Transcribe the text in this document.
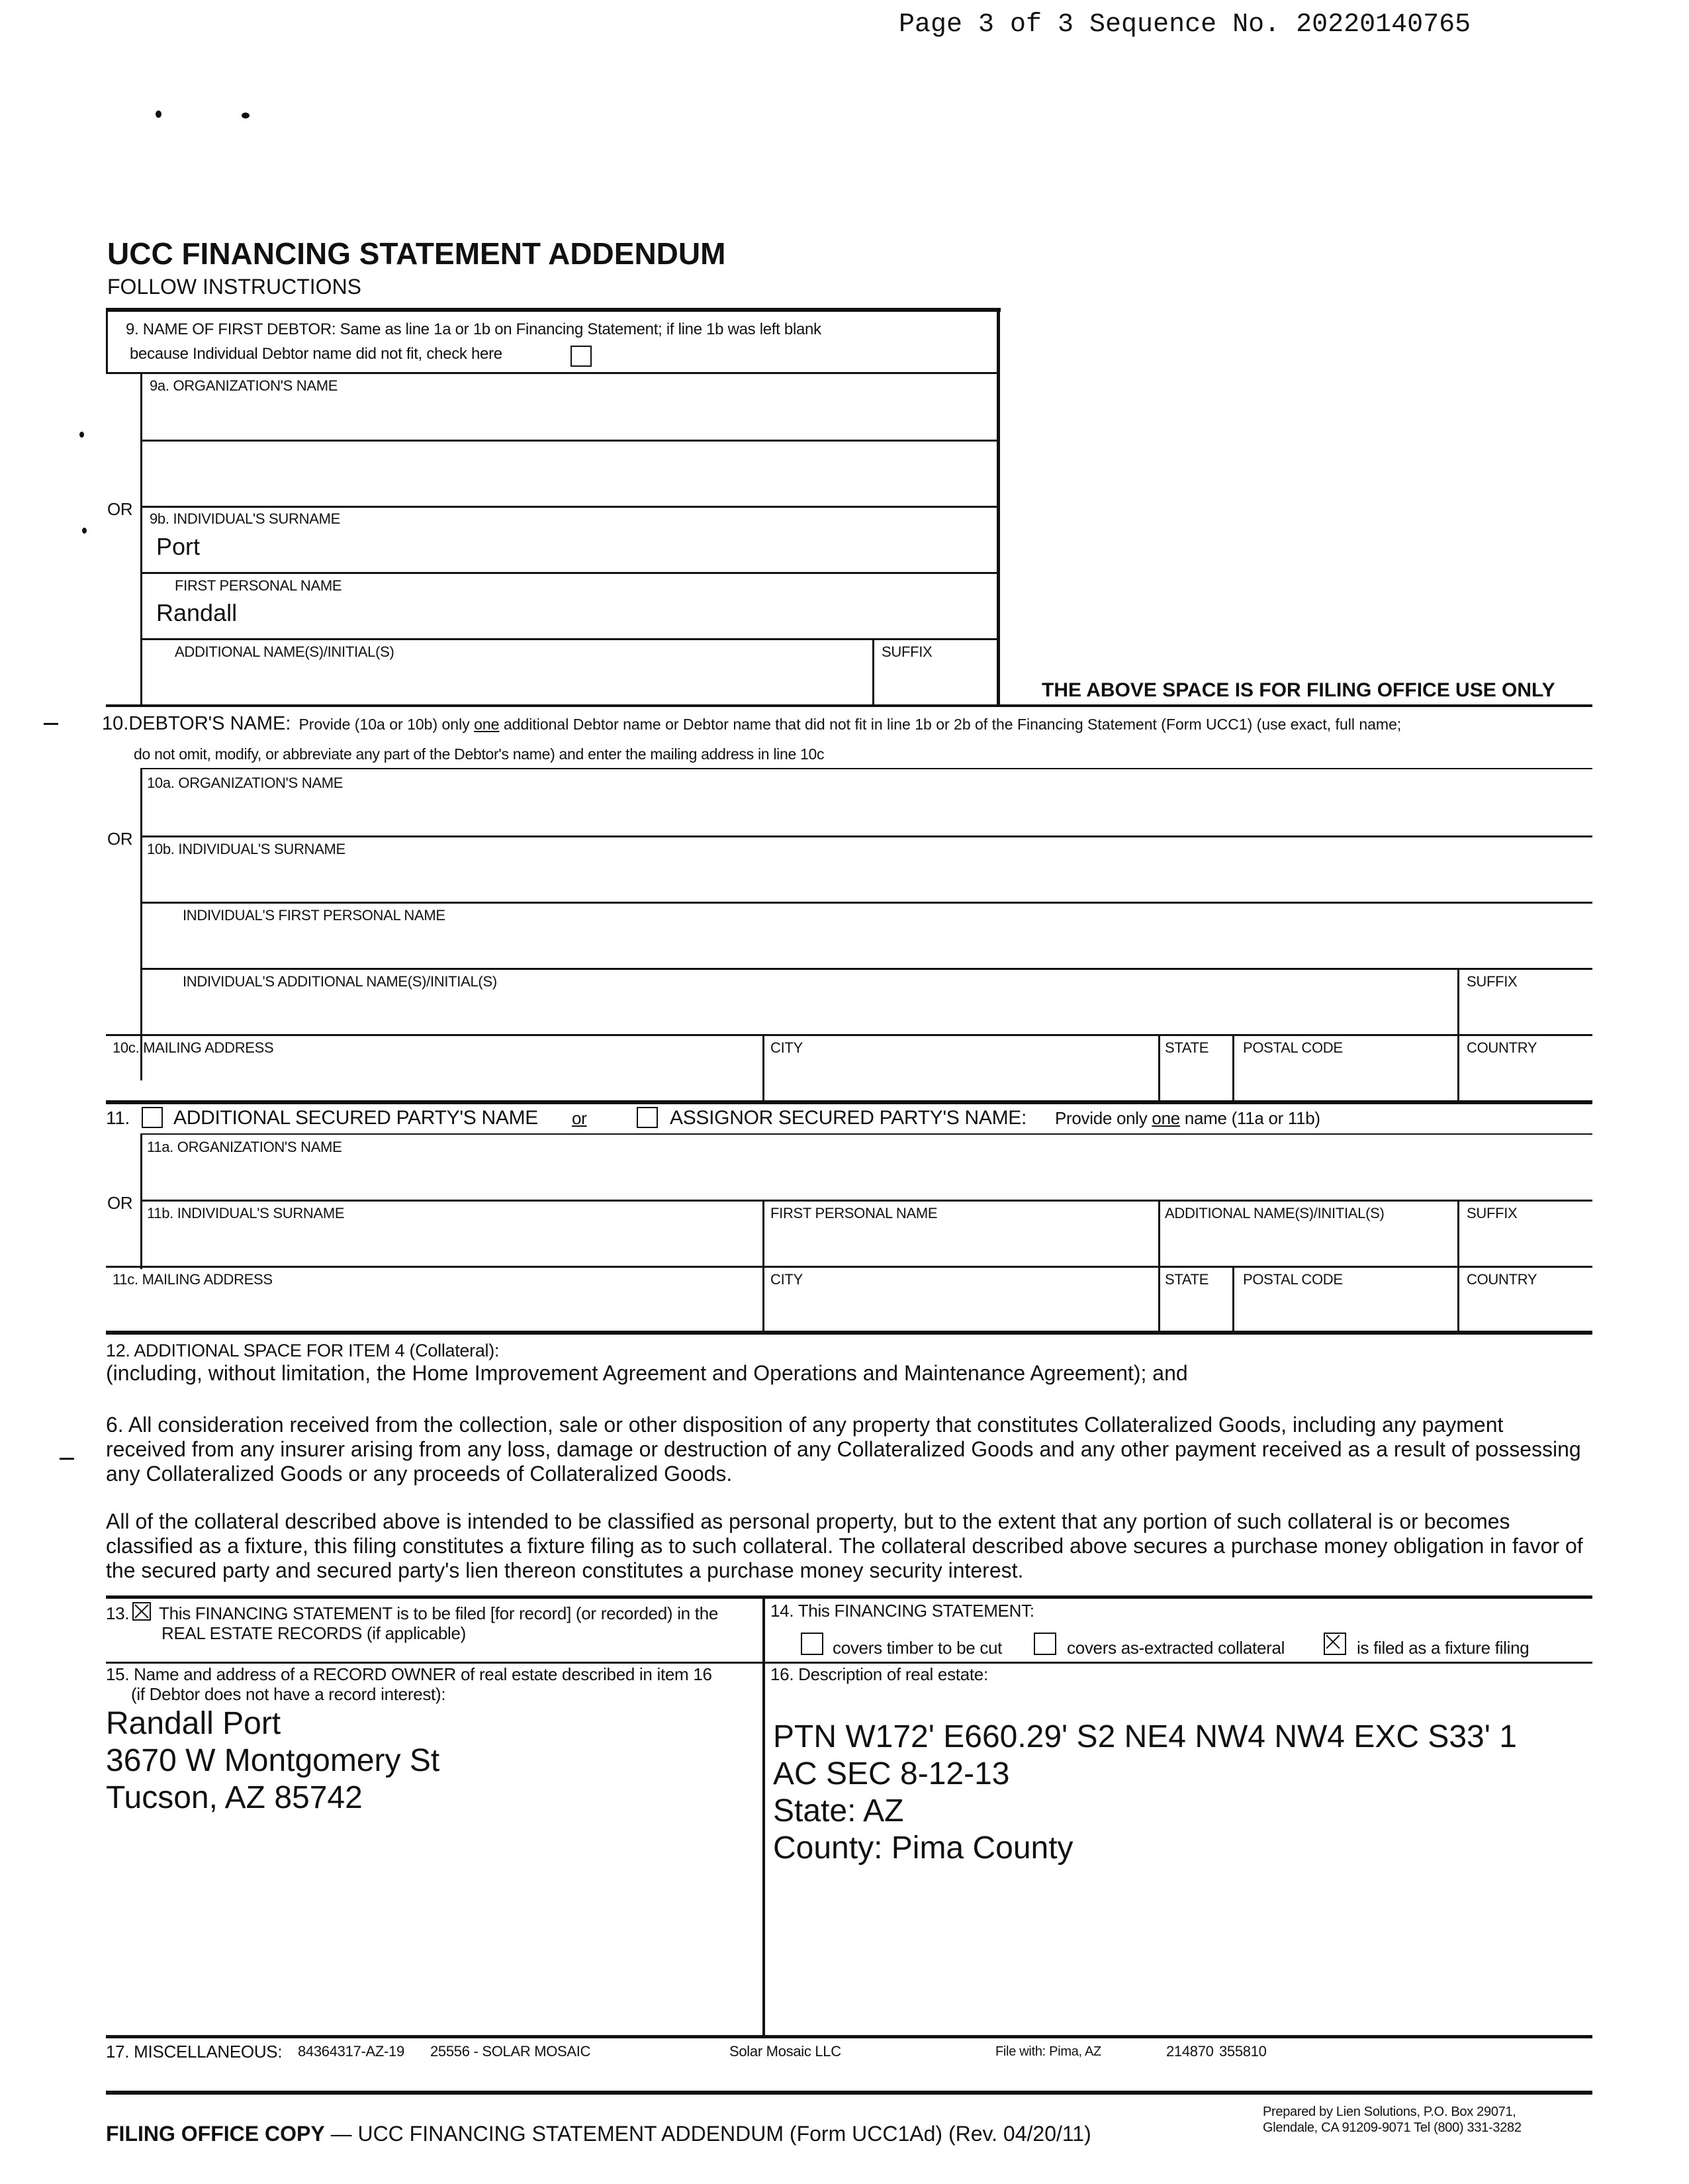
Page 3 of 3 Sequence No. 20220140765
UCC FINANCING STATEMENT ADDENDUM
FOLLOW INSTRUCTIONS
9. NAME OF FIRST DEBTOR: Same as line 1a or 1b on Financing Statement; if line 1b was left blank
because Individual Debtor name did not fit, check here
9a. ORGANIZATION'S NAME
OR 9b. INDIVIDUAL'S SURNAME
Port
FIRST PERSONAL NAME
Randall
ADDITIONAL NAME(S)/INITIAL(S)	SUFFIX
THE ABOVE SPACE IS FOR FILING OFFICE USE ONLY
10.DEBTOR'S NAME: Provide (10a or 10b) only one additional Debtor name or Debtor name that did not fit in line 1b or 2b of the Financing Statement (Form UCC1) (use exact, full name;
do not omit, modify, or abbreviate any part of the Debtor's name) and enter the mailing address in line 10c
10a. ORGANIZATION'S NAME
OR
10b. INDIVIDUAL'S SURNAME
INDIVIDUAL'S FIRST PERSONAL NAME
INDIVIDUAL'S ADDITIONAL NAME(S)/INITIAL(S)	SUFFIX
10c. MAILING ADDRESS	CITY	STATE POSTAL CODE	COUNTRY
11. ADDITIONAL SECURED PARTY'S NAME or	ASSIGNOR SECURED PARTY'S NAME: Provide only one name (11a or 11b)
11a. ORGANIZATION'S NAME
OR
11b. INDIVIDUAL'S SURNAME	FIRST PERSONAL NAME	ADDITIONAL NAME(S)/INITIAL(S)	SUFFIX
11c. MAILING ADDRESS	CITY	STATE POSTAL CODE	COUNTRY
12. ADDITIONAL SPACE FOR ITEM 4 (Collateral):
(including, without limitation, the Home Improvement Agreement and Operations and Maintenance Agreement); and
6. All consideration received from the collection, sale or other disposition of any property that constitutes Collateralized Goods, including any payment received from any insurer arising from any loss, damage or destruction of any Collateralized Goods and any other payment received as a result of possessing any Collateralized Goods or any proceeds of Collateralized Goods.
All of the collateral described above is intended to be classified as personal property, but to the extent that any portion of such collateral is or becomes classified as a fixture, this filing constitutes a fixture filing as to such collateral. The collateral described above secures a purchase money obligation in favor of the secured party and secured party's lien thereon constitutes a purchase money security interest.
13. This FINANCING STATEMENT is to be filed [for record] (or recorded) in the
REAL ESTATE RECORDS (if applicable)
14. This FINANCING STATEMENT:
covers timber to be cut	covers as-extracted collateral	is filed as a fixture filing
15. Name and address of a RECORD OWNER of real estate described in item 16
(if Debtor does not have a record interest):
Randall Port
3670 W Montgomery St
Tucson, AZ 85742
16. Description of real estate:
PTN W172' E660.29' S2 NE4 NW4 NW4 EXC S33' 1
AC SEC 8-12-13
State: AZ
County: Pima County
17. MISCELLANEOUS: 84364317-AZ-19 25556 - SOLAR MOSAIC	Solar Mosaic LLC	File with: Pima, AZ	214870 355810
FILING OFFICE COPY — UCC FINANCING STATEMENT ADDENDUM (Form UCC1Ad) (Rev. 04/20/11)
Prepared by Lien Solutions, P.O. Box 29071,
Glendale, CA 91209-9071 Tel (800) 331-3282
